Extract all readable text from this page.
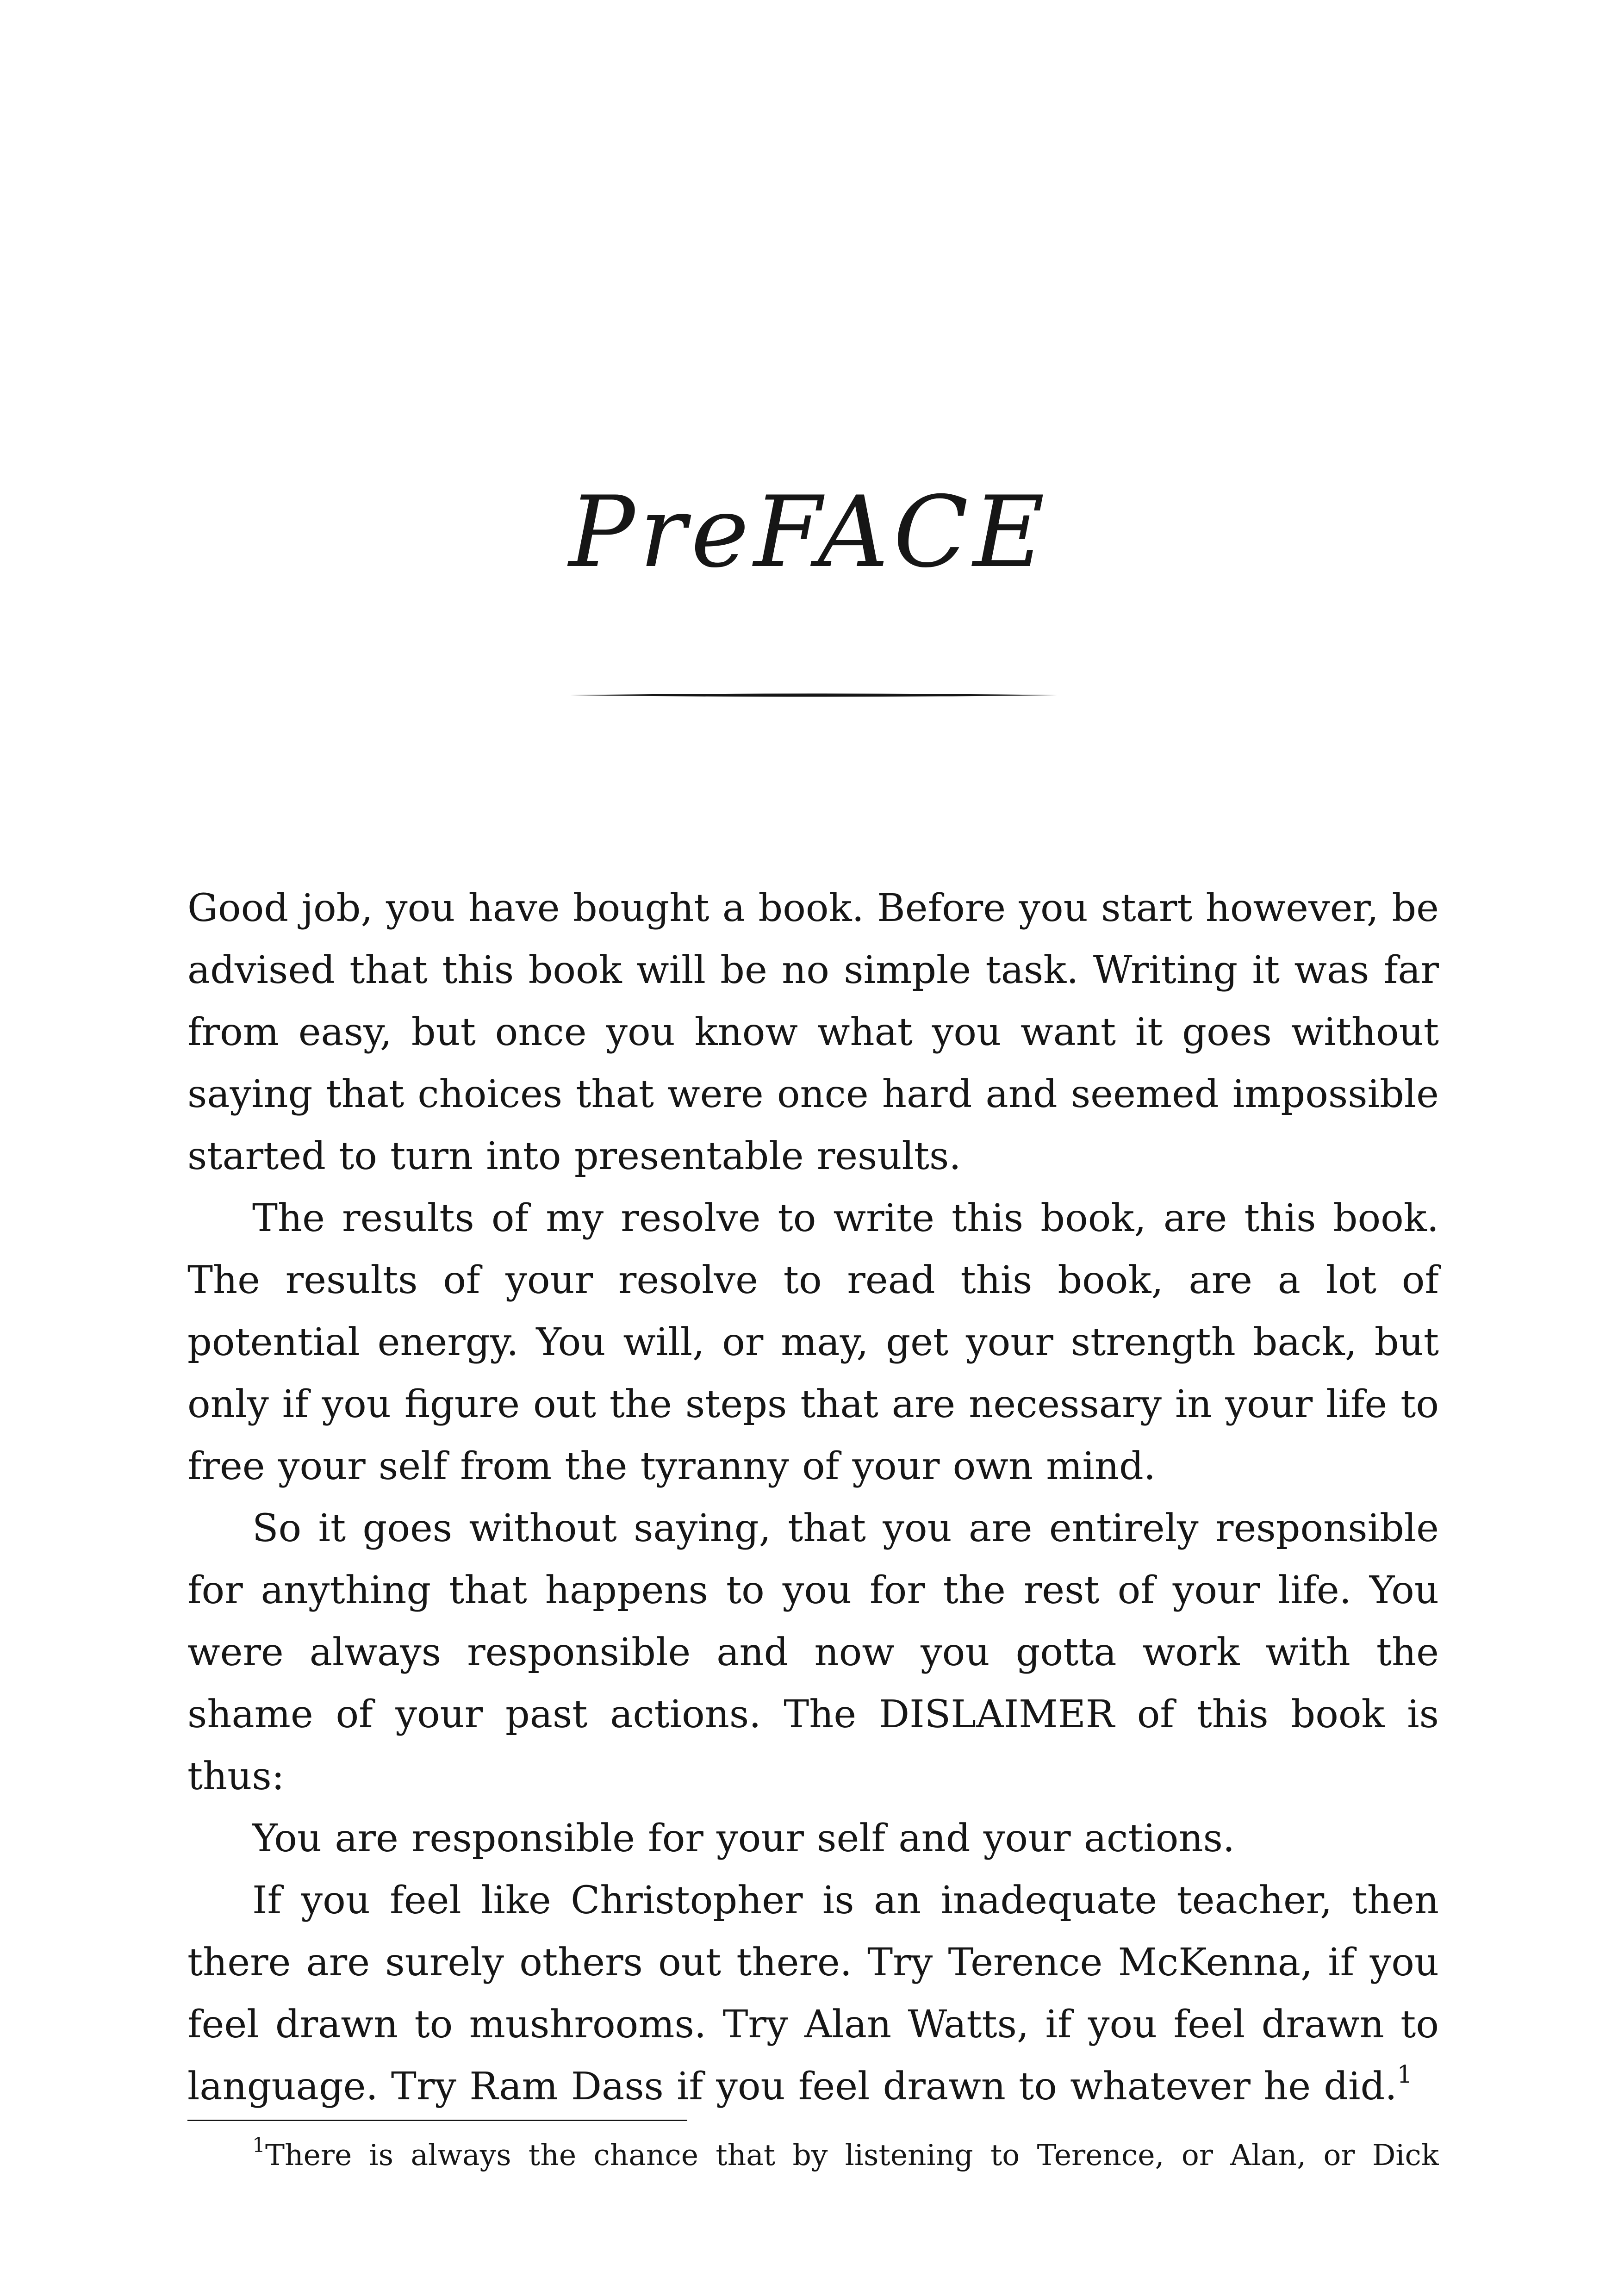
PreFACE

Good job, you have bought a book. Before you start however, be advised that this book will be no simple task. Writing it was far from easy, but once you know what you want it goes without saying that choices that were once hard and seemed impossible started to turn into presentable results.

The results of my resolve to write this book, are this book. The results of your resolve to read this book, are a lot of potential energy. You will, or may, get your strength back, but only if you figure out the steps that are necessary in your life to free your self from the tyranny of your own mind.

So it goes without saying, that you are entirely responsible for anything that happens to you for the rest of your life. You were always responsible and now you gotta work with the shame of your past actions. The DISLAIMER of this book is thus:

You are responsible for your self and your actions.

If you feel like Christopher is an inadequate teacher, then there are surely others out there. Try Terence McKenna, if you feel drawn to mushrooms. Try Alan Watts, if you feel drawn to language. Try Ram Dass if you feel drawn to whatever he did.$^1$

$^1$There is always the chance that by listening to Terence, or Alan, or Dick
